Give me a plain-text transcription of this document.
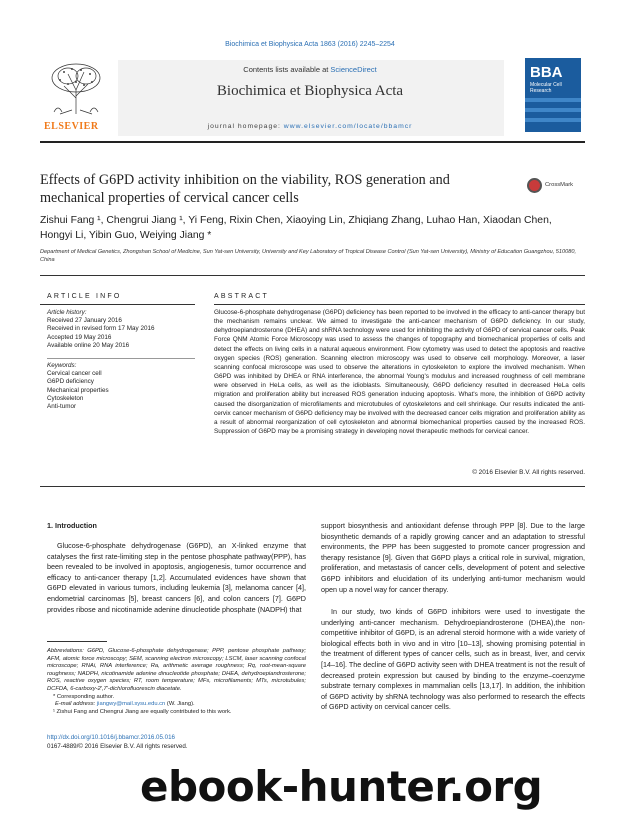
Biochimica et Biophysica Acta 1863 (2016) 2245–2254
ELSEVIER
Contents lists available at ScienceDirect
Biochimica et Biophysica Acta
journal homepage: www.elsevier.com/locate/bbamcr
BBA
Molecular Cell Research
Effects of G6PD activity inhibition on the viability, ROS generation and mechanical properties of cervical cancer cells
CrossMark
Zishui Fang ¹, Chengrui Jiang ¹, Yi Feng, Rixin Chen, Xiaoying Lin, Zhiqiang Zhang, Luhao Han, Xiaodan Chen,
Hongyi Li, Yibin Guo, Weiying Jiang *
Department of Medical Genetics, Zhongshan School of Medicine, Sun Yat-sen University, University and Key Laboratory of Tropical Disease Control (Sun Yat-sen University), Ministry of Education Guangzhou, 510080, China
ARTICLE INFO
Article history:
Received 27 January 2016
Received in revised form 17 May 2016
Accepted 19 May 2016
Available online 20 May 2016
Keywords:
Cervical cancer cell
G6PD deficiency
Mechanical properties
Cytoskeleton
Anti-tumor
ABSTRACT
Glucose-6-phosphate dehydrogenase (G6PD) deficiency has been reported to be involved in the efficacy to anti-cancer therapy but the mechanism remains unclear. We aimed to investigate the anti-cancer mechanism of G6PD deficiency. In our study, dehydroepiandrosterone (DHEA) and shRNA technology were used for inhibiting the activity of G6PD of cervical cancer cells. Peak Force QNM Atomic Force Microscopy was used to assess the changes of topography and biomechanical properties of cells and detect the effects on living cells in a natural aqueous environment. Flow cytometry was used to detect the apoptosis and reactive oxygen species (ROS) generation. Scanning electron microscopy was used to observe cell morphology. Moreover, a laser scanning confocal microscope was used to observe the alterations in cytoskeleton to explore the involved mechanism. When G6PD was inhibited by DHEA or RNA interference, the abnormal Young's modulus and increased roughness of cell membrane were observed in HeLa cells, as well as the idioblasts. Simultaneously, G6PD deficiency resulted in decreased HeLa cells migration and proliferation ability but increased ROS generation inducing apoptosis. What's more, the inhibition of G6PD activity caused the disorganization of microfilaments and microtubules of cytoskeletons and cell shrinkage. Our results indicated the anti-cervix cancer mechanism of G6PD deficiency may be involved with the decreased cancer cells migration and proliferation ability as a result of abnormal reorganization of cell cytoskeleton and abnormal biomechanical properties caused by the increased ROS. Suppression of G6PD may be a promising strategy in developing novel therapeutic methods for cervical cancer.
© 2016 Elsevier B.V. All rights reserved.
1. Introduction
Glucose-6-phosphate dehydrogenase (G6PD), an X-linked enzyme that catalyses the first rate-limiting step in the pentose phosphate pathway(PPP), has been revealed to be involved in apoptosis, angiogenesis, tumor occurrence and efficacy to anti-cancer therapy [1,2]. Accumulated evidences have shown that G6PD elevated in various tumors, including leukemia [3], melanoma cancer [4], endometrial carcinomas [5], breast cancers [6], and colon cancers [7]. G6PD provides ribose and nicotinamide adenine dinucleotide phosphate (NADPH) that
support biosynthesis and antioxidant defense through PPP [8]. Due to the large biosynthetic demands of a rapidly growing cancer and an adaptation to stressful environments, the PPP has been suggested to promote cancer progression and therapy resistance [9]. Given that G6PD plays a critical role in survival, migration, proliferation, and metastasis of cancer cells, development of potent and selective G6PD inhibitors and elucidation of its underlying anti-tumor mechanism would open up a novel way for cancer therapy.
In our study, two kinds of G6PD inhibitors were used to investigate the underlying anti-cancer mechanism. Dehydroepiandrosterone (DHEA),the non-competitive inhibitor of G6PD, is an adrenal steroid hormone with a wide variety of biological effects both in vivo and in vitro [10–13], showing promising potential in the treatment of different types of cancer cells, such as in breast, liver, and cervix [14–16]. The decline of G6PD activity seen with DHEA treatment is not the result of decreased protein expression but caused by binding to the enzyme–coenzyme substrate ternary complexes in mammalian cells [13,17]. In addition, the inhibition of G6PD activity by shRNA technology was also performed to research the effects of G6PD activity on cervical cancer cells.
Abbreviations: G6PD, Glucose-6-phosphate dehydrogenase; PPP, pentose phosphate pathway; AFM, atomic force microscopy; SEM, scanning electron microscopy; LSCM, laser scanning confocal microscope; RNAi, RNA interference; Ra, arithmetic average roughness; Rq, root-mean-square roughness; NADPH, nicotinamide adenine dinucleotide phosphate; DHEA, dehydroepiandrosterone; ROS, reactive oxygen species; RT, room temperature; MFs, microfilaments; MTs, microtubules; DCFDA, 6-carboxy-2',7'-dichlorofluorescin diacetate.
* Corresponding author.
E-mail address: jiangwy@mail.sysu.edu.cn (W. Jiang).
¹ Zishui Fang and Chengrui Jiang are equally contributed to this work.
http://dx.doi.org/10.1016/j.bbamcr.2016.05.016
0167-4889/© 2016 Elsevier B.V. All rights reserved.
ebook-hunter.org
